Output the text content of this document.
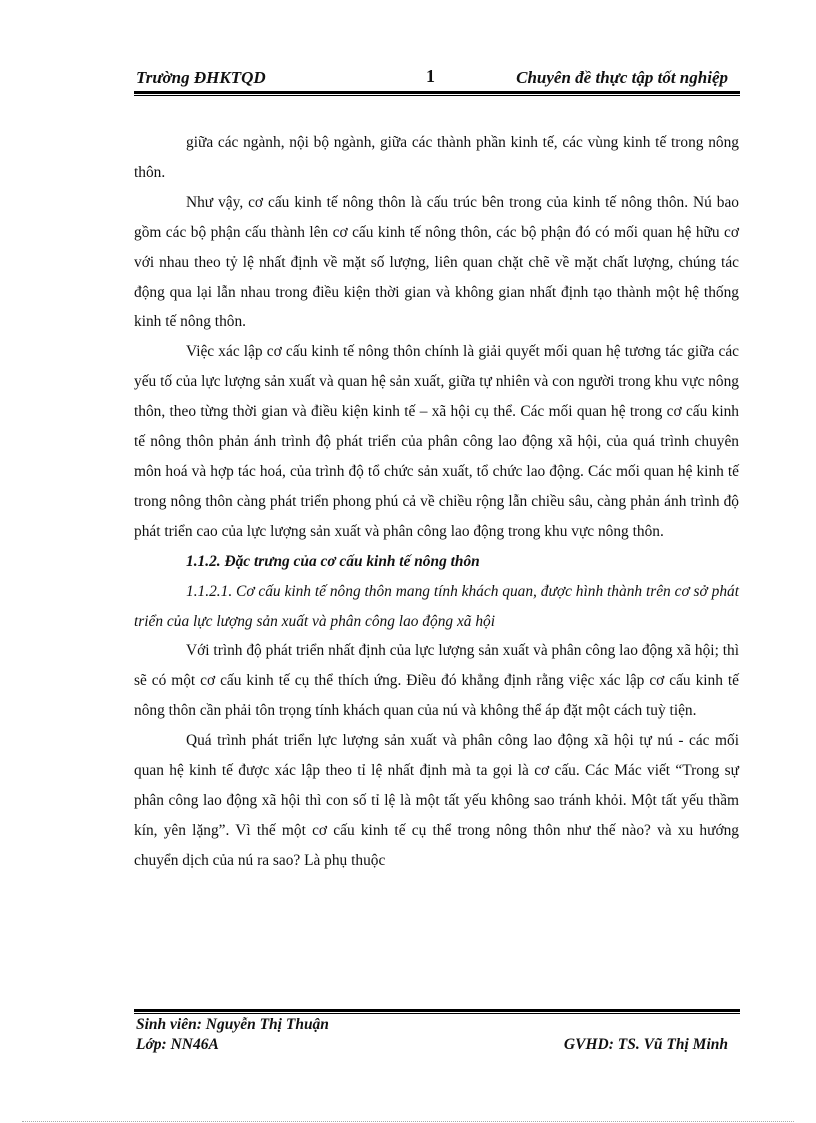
Trường ĐHKTQD	1	Chuyên đề thực tập tốt nghiệp

giữa các ngành, nội bộ ngành, giữa các thành phần kinh tế, các vùng kinh tế trong nông thôn.

Như vậy, cơ cấu kinh tế nông thôn là cấu trúc bên trong của kinh tế nông thôn. Nú bao gồm các bộ phận cấu thành lên cơ cấu kinh tế nông thôn, các bộ phận đó có mối quan hệ hữu cơ với nhau theo tỷ lệ nhất định về mặt số lượng, liên quan chặt chẽ về mặt chất lượng, chúng tác động qua lại lẫn nhau trong điều kiện thời gian và không gian nhất định tạo thành một hệ thống kinh tế nông thôn.

Việc xác lập cơ cấu kinh tế nông thôn chính là giải quyết mối quan hệ tương tác giữa các yếu tố của lực lượng sản xuất và quan hệ sản xuất, giữa tự nhiên và con người trong khu vực nông thôn, theo từng thời gian và điều kiện kinh tế – xã hội cụ thể. Các mối quan hệ trong cơ cấu kinh tế nông thôn phản ánh trình độ phát triển của phân công lao động xã hội, của quá trình chuyên môn hoá và hợp tác hoá, của trình độ tổ chức sản xuất, tổ chức lao động. Các mối quan hệ kinh tế trong nông thôn càng phát triển phong phú cả về chiều rộng lẫn chiều sâu, càng phản ánh trình độ phát triển cao của lực lượng sản xuất và phân công lao động trong khu vực nông thôn.

1.1.2. Đặc trưng của cơ cấu kinh tế nông thôn

1.1.2.1. Cơ cấu kinh tế nông thôn mang tính khách quan, được hình thành trên cơ sở phát triển của lực lượng sản xuất và phân công lao động xã hội

Với trình độ phát triển nhất định của lực lượng sản xuất và phân công lao động xã hội; thì sẽ có một cơ cấu kinh tế cụ thể thích ứng. Điều đó khẳng định rằng việc xác lập cơ cấu kinh tế nông thôn cần phải tôn trọng tính khách quan của nú và không thể áp đặt một cách tuỳ tiện.

Quá trình phát triển lực lượng sản xuất và phân công lao động xã hội tự nú - các mối quan hệ kinh tế được xác lập theo tỉ lệ nhất định mà ta gọi là cơ cấu. Các Mác viết “Trong sự phân công lao động xã hội thì con số tỉ lệ là một tất yếu không sao tránh khỏi. Một tất yếu thầm kín, yên lặng”. Vì thế một cơ cấu kinh tế cụ thể trong nông thôn như thế nào? và xu hướng chuyển dịch của nú ra sao? Là phụ thuộc

Sinh viên: Nguyễn Thị Thuận
Lớp: NN46A	GVHD: TS. Vũ Thị Minh
